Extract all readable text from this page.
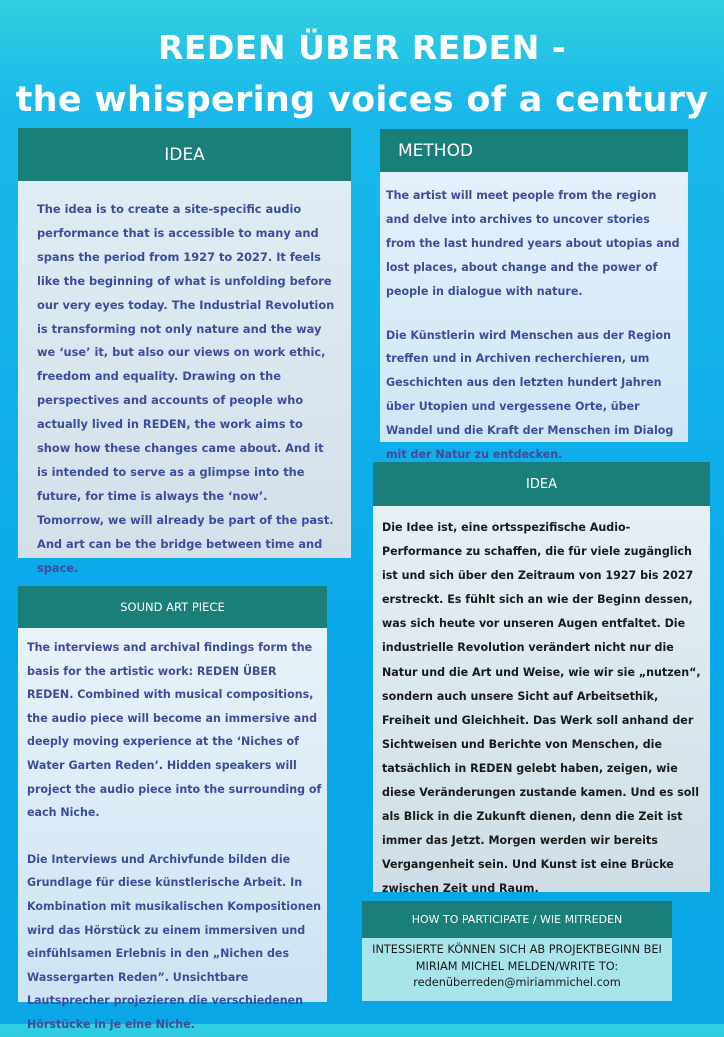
REDEN ÜBER REDEN -
the whispering voices of a century
IDEA

The idea is to create a site-specific audio performance that is accessible to many and spans the period from 1927 to 2027. It feels like the beginning of what is unfolding before our very eyes today. The Industrial Revolution is transforming not only nature and the way we ‘use’ it, but also our views on work ethic, freedom and equality. Drawing on the perspectives and accounts of people who actually lived in REDEN, the work aims to show how these changes came about. And it is intended to serve as a glimpse into the future, for time is always the ‘now’. Tomorrow, we will already be part of the past. And art can be the bridge between time and space.

METHOD

The artist will meet people from the region and delve into archives to uncover stories from the last hundred years about utopias and lost places, about change and the power of people in dialogue with nature.

Die Künstlerin wird Menschen aus der Region treffen und in Archiven recherchieren, um Geschichten aus den letzten hundert Jahren über Utopien und vergessene Orte, über Wandel und die Kraft der Menschen im Dialog mit der Natur zu entdecken.

IDEA

Die Idee ist, eine ortsspezifische Audio-Performance zu schaffen, die für viele zugänglich ist und sich über den Zeitraum von 1927 bis 2027 erstreckt. Es fühlt sich an wie der Beginn dessen, was sich heute vor unseren Augen entfaltet. Die industrielle Revolution verändert nicht nur die Natur und die Art und Weise, wie wir sie „nutzen“, sondern auch unsere Sicht auf Arbeitsethik, Freiheit und Gleichheit. Das Werk soll anhand der Sichtweisen und Berichte von Menschen, die tatsächlich in REDEN gelebt haben, zeigen, wie diese Veränderungen zustande kamen. Und es soll als Blick in die Zukunft dienen, denn die Zeit ist immer das Jetzt. Morgen werden wir bereits Vergangenheit sein. Und Kunst ist eine Brücke zwischen Zeit und Raum.

SOUND ART PIECE

The interviews and archival findings form the basis for the artistic work: REDEN ÜBER REDEN. Combined with musical compositions, the audio piece will become an immersive and deeply moving experience at the ‘Niches of Water Garten Reden’. Hidden speakers will project the audio piece into the surrounding of each Niche.

Die Interviews und Archivfunde bilden die Grundlage für diese künstlerische Arbeit. In Kombination mit musikalischen Kompositionen wird das Hörstück zu einem immersiven und einfühlsamen Erlebnis in den „Nichen des Wassergarten Reden”. Unsichtbare Lautsprecher projezieren die verschiedenen Hörstücke in je eine Niche.

HOW TO PARTICIPATE / WIE MITREDEN
INTESSIERTE KÖNNEN SICH AB PROJEKTBEGINN BEI
MIRIAM MICHEL MELDEN/WRITE TO:
redenüberreden@miriammichel.com
